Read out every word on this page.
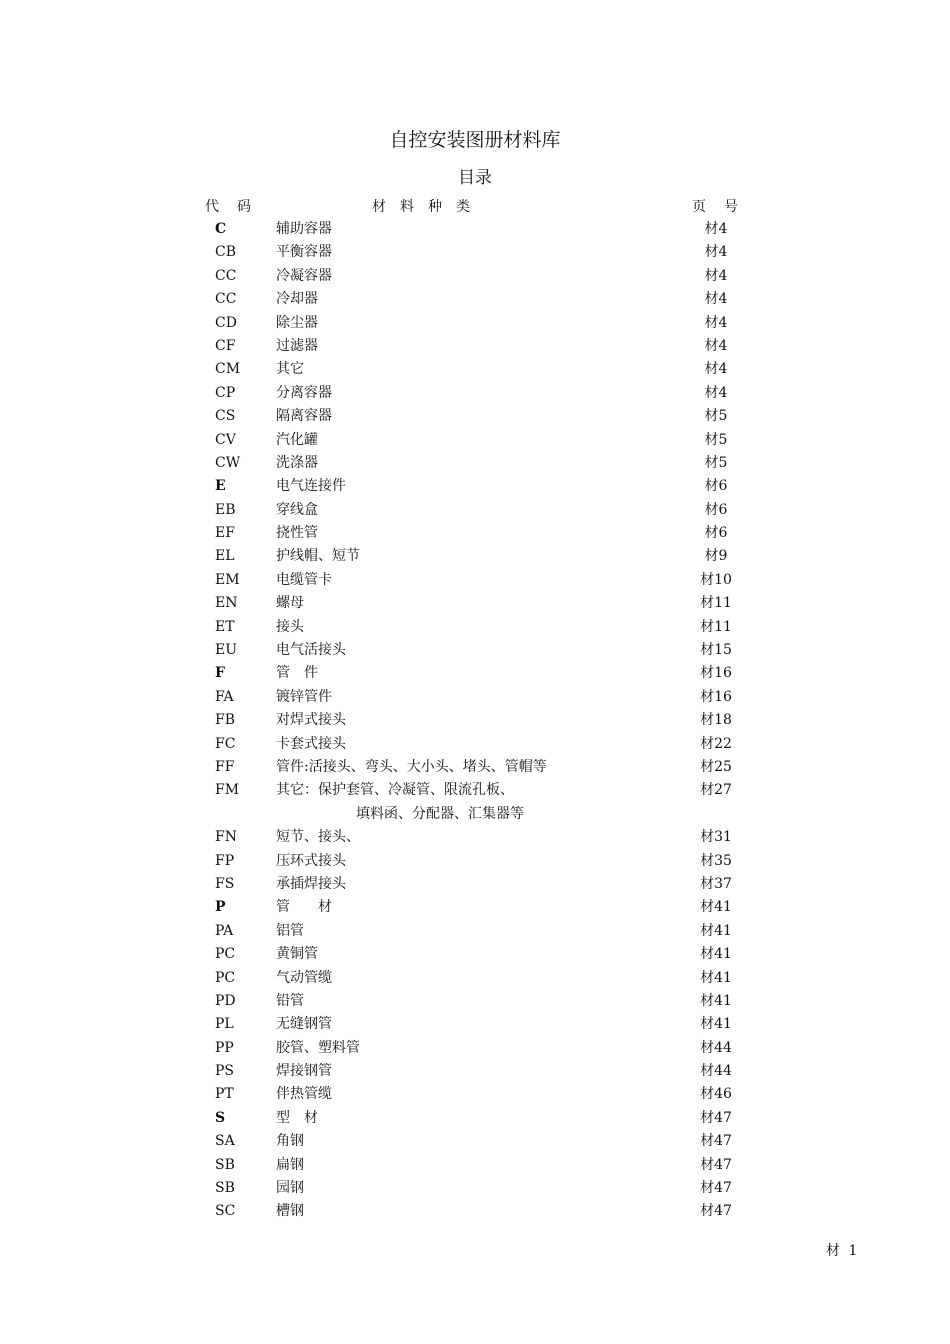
自控安装图册材料库
目录
代码	材料种类	页号
C	辅助容器	材4
CB	平衡容器	材4
CC	冷凝容器	材4
CC	冷却器	材4
CD	除尘器	材4
CF	过滤器	材4
CM	其它	材4
CP	分离容器	材4
CS	隔离容器	材5
CV	汽化罐	材5
CW	洗涤器	材5
E	电气连接件	材6
EB	穿线盒	材6
EF	挠性管	材6
EL	护线帽、短节	材9
EM	电缆管卡	材10
EN	螺母	材11
ET	接头	材11
EU	电气活接头	材15
F	管　件	材16
FA	镀锌管件	材16
FB	对焊式接头	材18
FC	卡套式接头	材22
FF	管件:活接头、弯头、大小头、堵头、管帽等	材25
FM	其它：保护套管、冷凝管、限流孔板、	材27
填料函、分配器、汇集器等
FN	短节、接头、	材31
FP	压环式接头	材35
FS	承插焊接头	材37
P	管　　材	材41
PA	铝管	材41
PC	黄铜管	材41
PC	气动管缆	材41
PD	铅管	材41
PL	无缝钢管	材41
PP	胶管、塑料管	材44
PS	焊接钢管	材44
PT	伴热管缆	材46
S	型　材	材47
SA	角钢	材47
SB	扁钢	材47
SB	园钢	材47
SC	槽钢	材47
材 1
